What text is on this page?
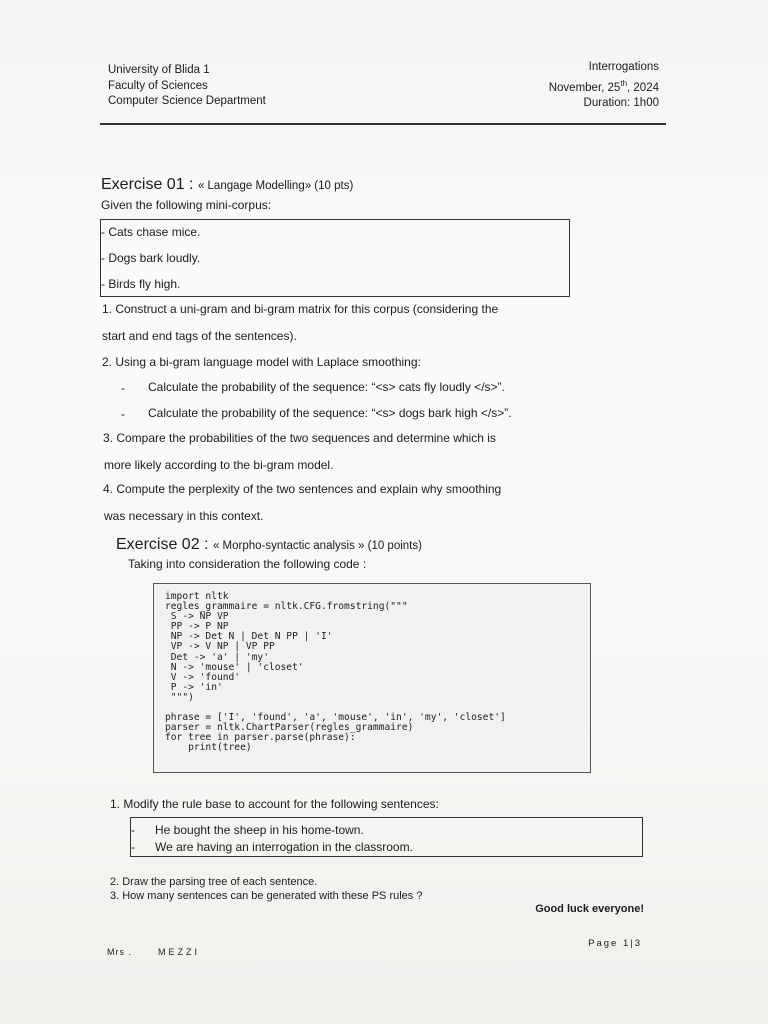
University of Blida 1
Faculty of Sciences
Computer Science Department
Interrogations
November, 25th, 2024
Duration: 1h00
Exercise 01 : « Langage Modelling» (10 pts)
Given the following mini-corpus:
- Cats chase mice.
- Dogs bark loudly.
- Birds fly high.
1. Construct a uni-gram and bi-gram matrix for this corpus (considering the
start and end tags of the sentences).
2. Using a bi-gram language model with Laplace smoothing:
- Calculate the probability of the sequence: “<s> cats fly loudly </s>”.
- Calculate the probability of the sequence: “<s> dogs bark high </s>”.
3. Compare the probabilities of the two sequences and determine which is
more likely according to the bi-gram model.
4. Compute the perplexity of the two sentences and explain why smoothing
was necessary in this context.
Exercise 02 : « Morpho-syntactic analysis » (10 points)
Taking into consideration the following code :
import nltk
regles_grammaire = nltk.CFG.fromstring("""
S -> NP VP
PP -> P NP
NP -> Det N | Det N PP | 'I'
VP -> V NP | VP PP
Det -> 'a' | 'my'
N -> 'mouse' | 'closet'
V -> 'found'
P -> 'in'
""")

phrase = ['I', 'found', 'a', 'mouse', 'in', 'my', 'closet']
parser = nltk.ChartParser(regles_grammaire)
for tree in parser.parse(phrase):
print(tree)
1. Modify the rule base to account for the following sentences:
- He bought the sheep in his home-town.
- We are having an interrogation in the classroom.
2. Draw the parsing tree of each sentence.
3. How many sentences can be generated with these PS rules ?
Good luck everyone!
Mrs .	MEZZI
Page 1|3
